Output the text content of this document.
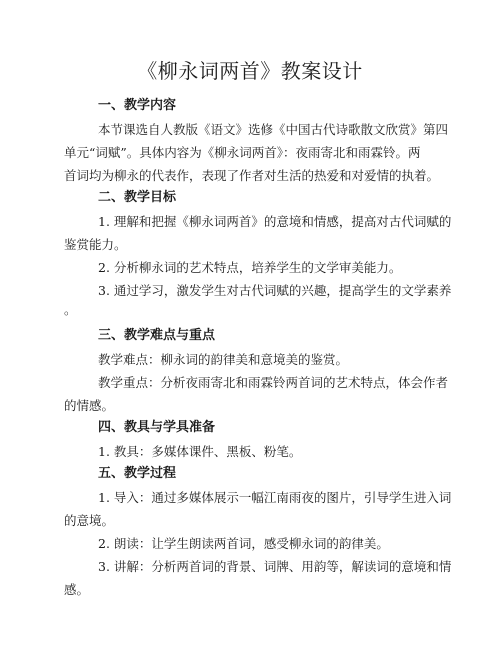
《柳永词两首》教案设计
一、教学内容
本节课选自人教版《语文》选修《中国古代诗歌散文欣赏》第四
单元“词赋”。具体内容为《柳永词两首》：夜雨寄北和雨霖铃。两
首词均为柳永的代表作，表现了作者对生活的热爱和对爱情的执着。
二、教学目标
1. 理解和把握《柳永词两首》的意境和情感，提高对古代词赋的
鉴赏能力。
2. 分析柳永词的艺术特点，培养学生的文学审美能力。
3. 通过学习，激发学生对古代词赋的兴趣，提高学生的文学素养
。
三、教学难点与重点
教学难点：柳永词的韵律美和意境美的鉴赏。
教学重点：分析夜雨寄北和雨霖铃两首词的艺术特点，体会作者
的情感。
四、教具与学具准备
1. 教具：多媒体课件、黑板、粉笔。
五、教学过程
1. 导入：通过多媒体展示一幅江南雨夜的图片，引导学生进入词
的意境。
2. 朗读：让学生朗读两首词，感受柳永词的韵律美。
3. 讲解：分析两首词的背景、词牌、用韵等，解读词的意境和情
感。
